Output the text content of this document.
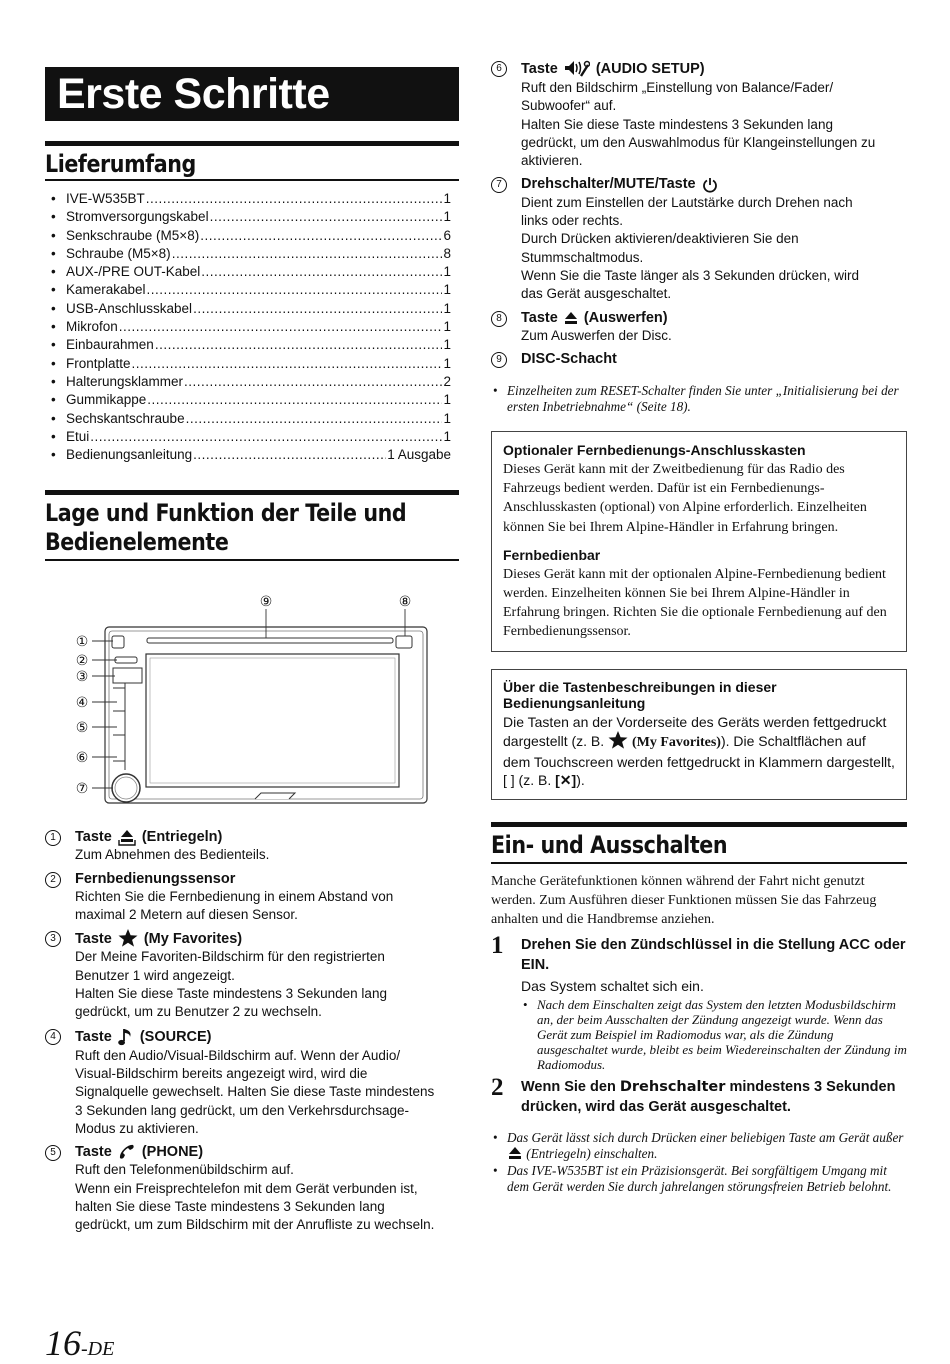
Erste Schritte
Lieferumfang
• IVE-W535BT .....	1
• Stromversorgungskabel .....	1
• Senkschraube (M5×8) .....	6
• Schraube (M5×8) .....	8
• AUX-/PRE OUT-Kabel .....	1
• Kamerakabel .....	1
• USB-Anschlusskabel .....	1
• Mikrofon .....	1
• Einbaurahmen .....	1
• Frontplatte .....	1
• Halterungsklammer .....	2
• Gummikappe .....	1
• Sechskantschraube .....	1
• Etui .....	1
• Bedienungsanleitung .....	1 Ausgabe
Lage und Funktion der Teile und
Bedienelemente
①
②
③
④
⑤
⑥
⑦
⑧
⑨
1	Taste (Entriegeln)
Zum Abnehmen des Bedienteils.
2	Fernbedienungssensor
Richten Sie die Fernbedienung in einem Abstand von
maximal 2 Metern auf diesen Sensor.
3	Taste (My Favorites)
Der Meine Favoriten-Bildschirm für den registrierten
Benutzer 1 wird angezeigt.
Halten Sie diese Taste mindestens 3 Sekunden lang
gedrückt, um zu Benutzer 2 zu wechseln.
4	Taste (SOURCE)
Ruft den Audio/Visual-Bildschirm auf. Wenn der Audio/
Visual-Bildschirm bereits angezeigt wird, wird die
Signalquelle gewechselt. Halten Sie diese Taste mindestens
3 Sekunden lang gedrückt, um den Verkehrsdurchsage-
Modus zu aktivieren.
5	Taste (PHONE)
Ruft den Telefonmenübildschirm auf.
Wenn ein Freisprechtelefon mit dem Gerät verbunden ist,
halten Sie diese Taste mindestens 3 Sekunden lang
gedrückt, um zum Bildschirm mit der Anrufliste zu wechseln.
6	Taste	(AUDIO SETUP)
Ruft den Bildschirm „Einstellung von Balance/Fader/
Subwoofer“ auf.
Halten Sie diese Taste mindestens 3 Sekunden lang
gedrückt, um den Auswahlmodus für Klangeinstellungen zu
aktivieren.
7	Drehschalter/MUTE/Taste
Dient zum Einstellen der Lautstärke durch Drehen nach
links oder rechts.
Durch Drücken aktivieren/deaktivieren Sie den
Stummschaltmodus.
Wenn Sie die Taste länger als 3 Sekunden drücken, wird
das Gerät ausgeschaltet.
8	Taste (Auswerfen)
Zum Auswerfen der Disc.
9	DISC-Schacht
• Einzelheiten zum RESET-Schalter finden Sie unter „Initialisierung bei der ersten Inbetriebnahme“ (Seite 18).
Optionaler Fernbedienungs-Anschlusskasten

Dieses Gerät kann mit der Zweitbedienung für das Radio des Fahrzeugs bedient werden. Dafür ist ein Fernbedienungs-Anschlusskasten (optional) von Alpine erforderlich. Einzelheiten können Sie bei Ihrem Alpine-Händler in Erfahrung bringen.

Fernbedienbar

Dieses Gerät kann mit der optionalen Alpine-Fernbedienung bedient werden. Einzelheiten können Sie bei Ihrem Alpine-Händler in Erfahrung bringen. Richten Sie die optionale Fernbedienung auf den Fernbedienungssensor.

Über die Tastenbeschreibungen in dieser
Bedienungsanleitung

Die Tasten an der Vorderseite des Geräts werden fettgedruckt dargestellt (z. B. (My Favorites)). Die Schaltflächen auf dem Touchscreen werden fettgedruckt in Klammern dargestellt, [ ] (z. B. [✕]).

Ein- und Ausschalten
Manche Gerätefunktionen können während der Fahrt nicht genutzt werden. Zum Ausführen dieser Funktionen müssen Sie das Fahrzeug anhalten und die Handbremse anziehen.
1 Drehen Sie den Zündschlüssel in die Stellung ACC oder EIN.
Das System schaltet sich ein.
• Nach dem Einschalten zeigt das System den letzten Modusbildschirm an, der beim Ausschalten der Zündung angezeigt wurde. Wenn das Gerät zum Beispiel im Radiomodus war, als die Zündung ausgeschaltet wurde, bleibt es beim Wiedereinschalten der Zündung im Radiomodus.
2 Wenn Sie den Drehschalter mindestens 3 Sekunden drücken, wird das Gerät ausgeschaltet.
• Das Gerät lässt sich durch Drücken einer beliebigen Taste am Gerät außer  (Entriegeln) einschalten.
• Das IVE-W535BT ist ein Präzisionsgerät. Bei sorgfältigem Umgang mit dem Gerät werden Sie durch jahrelangen störungsfreien Betrieb belohnt.
16-DE
